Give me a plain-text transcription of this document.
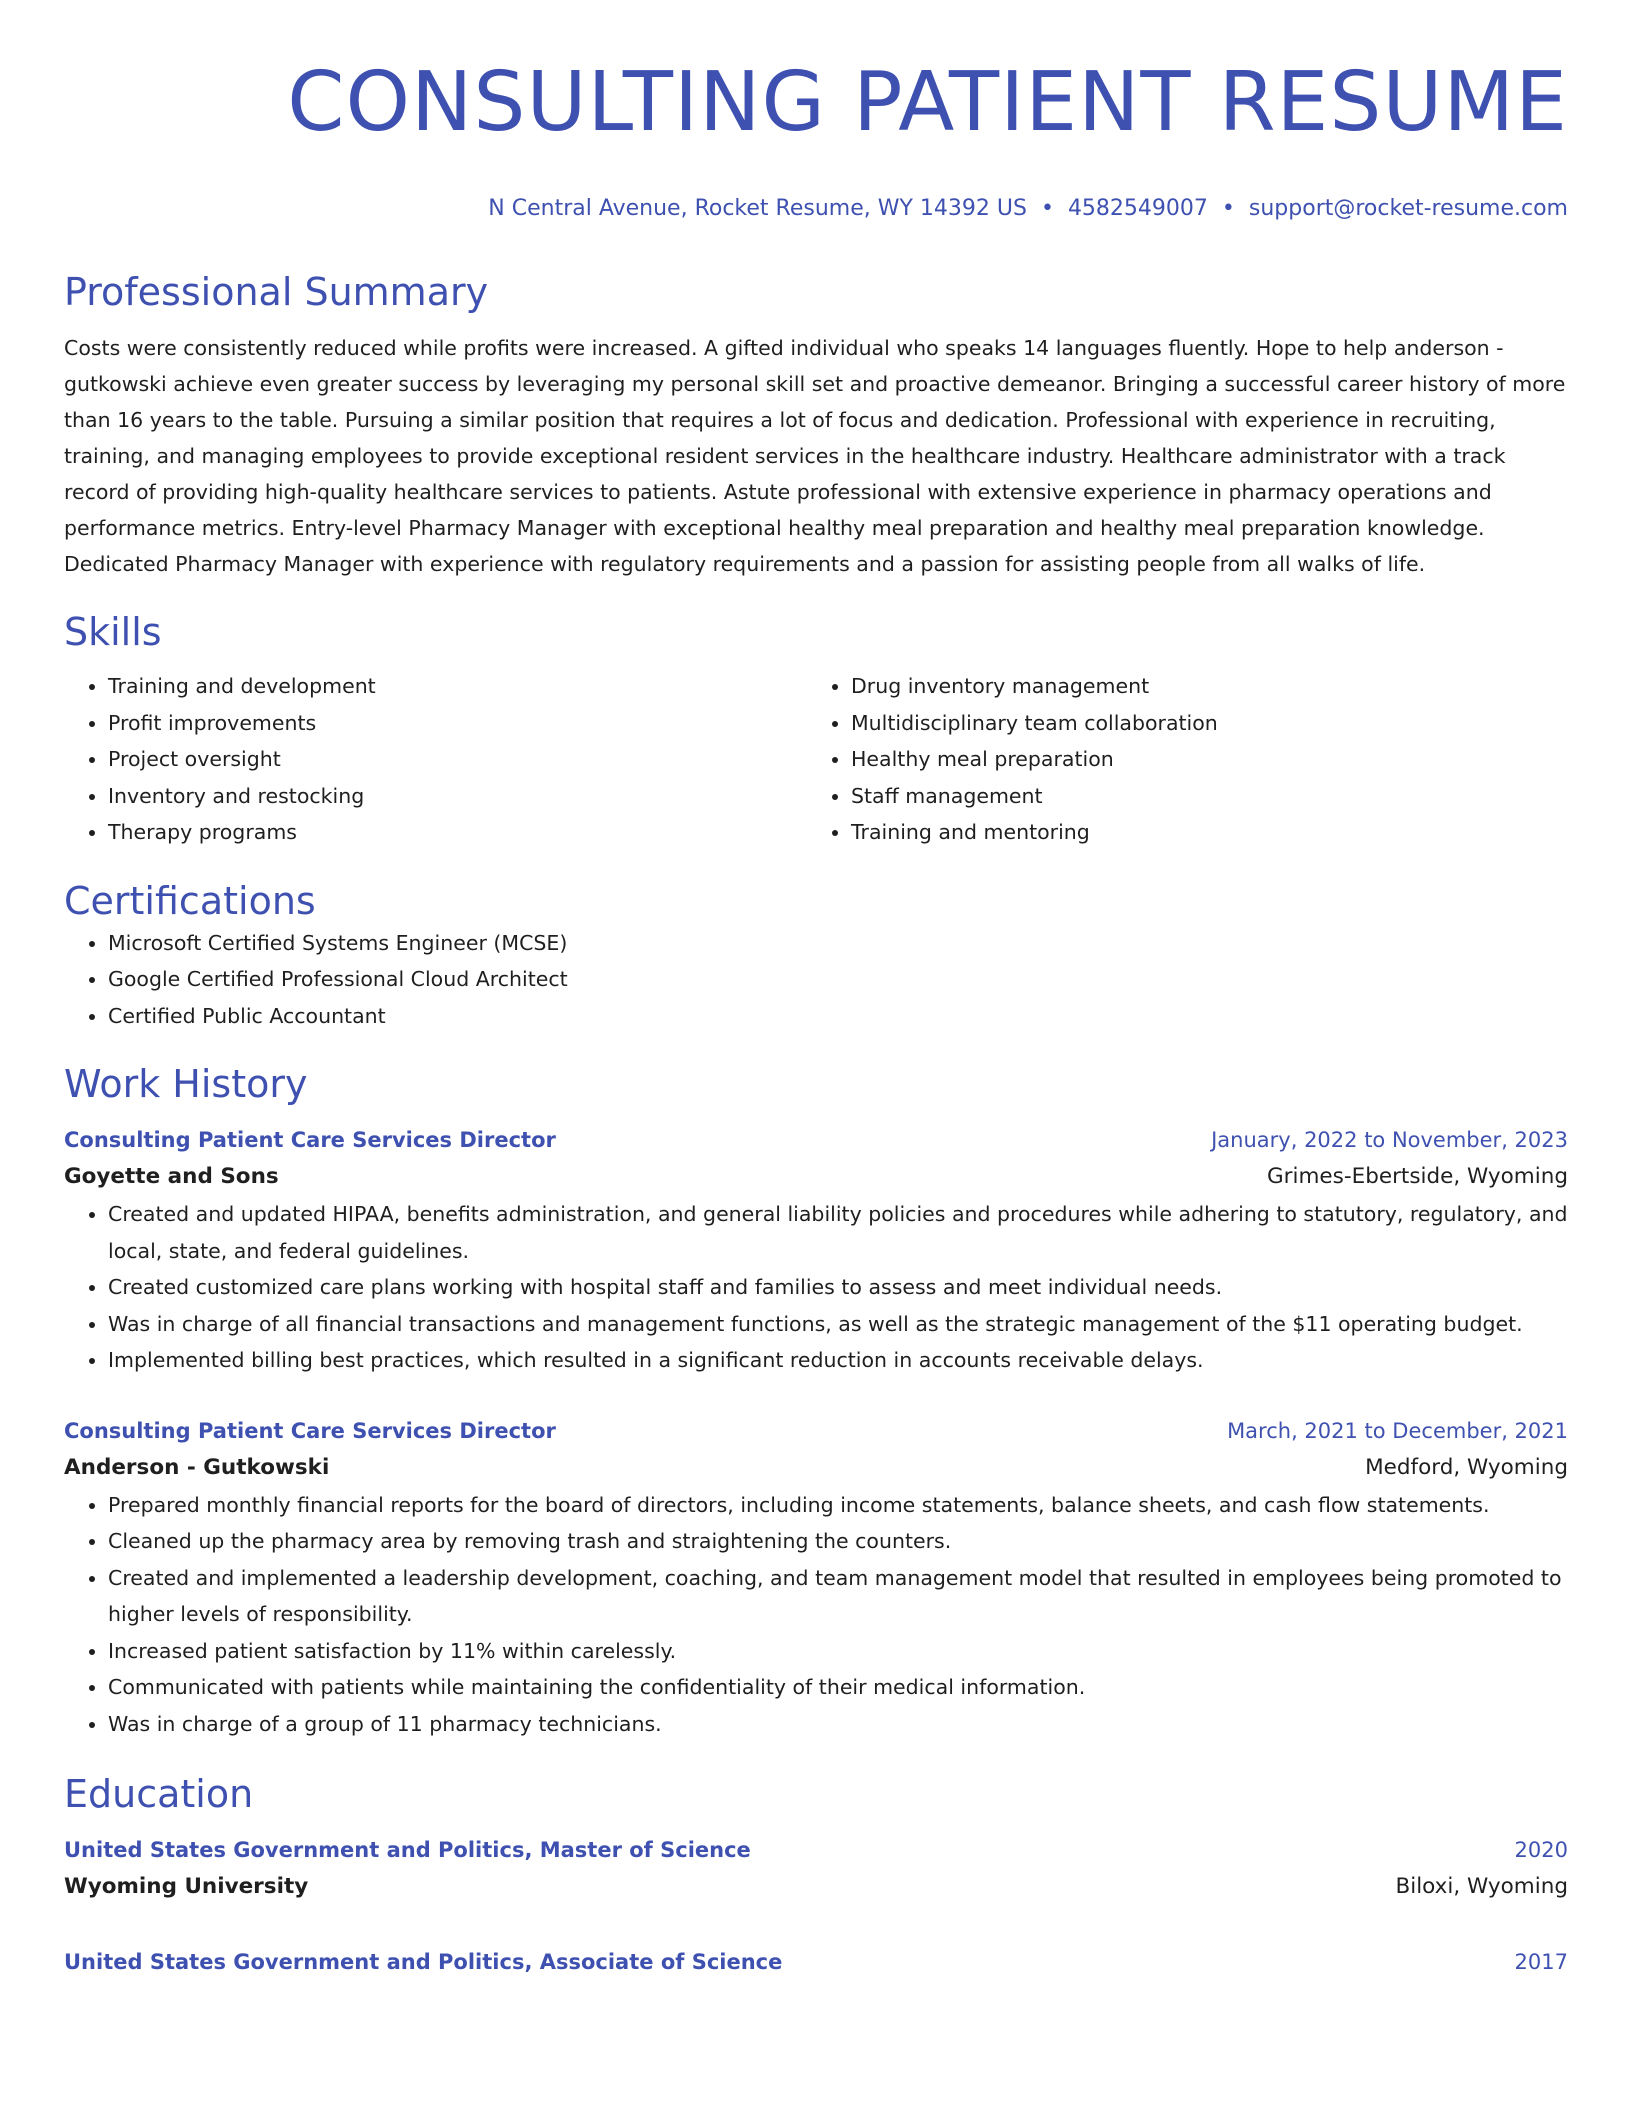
CONSULTING PATIENT RESUME
N Central Avenue, Rocket Resume, WY 14392 US • 4582549007 • support@rocket-resume.com
Professional Summary

Costs were consistently reduced while profits were increased. A gifted individual who speaks 14 languages fluently. Hope to help anderson - gutkowski achieve even greater success by leveraging my personal skill set and proactive demeanor. Bringing a successful career history of more than 16 years to the table. Pursuing a similar position that requires a lot of focus and dedication. Professional with experience in recruiting, training, and managing employees to provide exceptional resident services in the healthcare industry. Healthcare administrator with a track record of providing high-quality healthcare services to patients. Astute professional with extensive experience in pharmacy operations and performance metrics. Entry-level Pharmacy Manager with exceptional healthy meal preparation and healthy meal preparation knowledge. Dedicated Pharmacy Manager with experience with regulatory requirements and a passion for assisting people from all walks of life.

Skills
• Training and development
• Profit improvements
• Project oversight
• Inventory and restocking
• Therapy programs
• Drug inventory management
• Multidisciplinary team collaboration
• Healthy meal preparation
• Staff management
• Training and mentoring
Certifications
• Microsoft Certified Systems Engineer (MCSE)
• Google Certified Professional Cloud Architect
• Certified Public Accountant
Work History
Consulting Patient Care Services Director	January, 2022 to November, 2023
Goyette and Sons	Grimes-Ebertside, Wyoming
• Created and updated HIPAA, benefits administration, and general liability policies and procedures while adhering to statutory, regulatory, and local, state, and federal guidelines.
• Created customized care plans working with hospital staff and families to assess and meet individual needs.
• Was in charge of all financial transactions and management functions, as well as the strategic management of the $11 operating budget.
• Implemented billing best practices, which resulted in a significant reduction in accounts receivable delays.
Consulting Patient Care Services Director	March, 2021 to December, 2021
Anderson - Gutkowski	Medford, Wyoming
• Prepared monthly financial reports for the board of directors, including income statements, balance sheets, and cash flow statements.
• Cleaned up the pharmacy area by removing trash and straightening the counters.
• Created and implemented a leadership development, coaching, and team management model that resulted in employees being promoted to higher levels of responsibility.
• Increased patient satisfaction by 11% within carelessly.
• Communicated with patients while maintaining the confidentiality of their medical information.
• Was in charge of a group of 11 pharmacy technicians.
Education
United States Government and Politics, Master of Science	2020
Wyoming University	Biloxi, Wyoming
United States Government and Politics, Associate of Science	2017
